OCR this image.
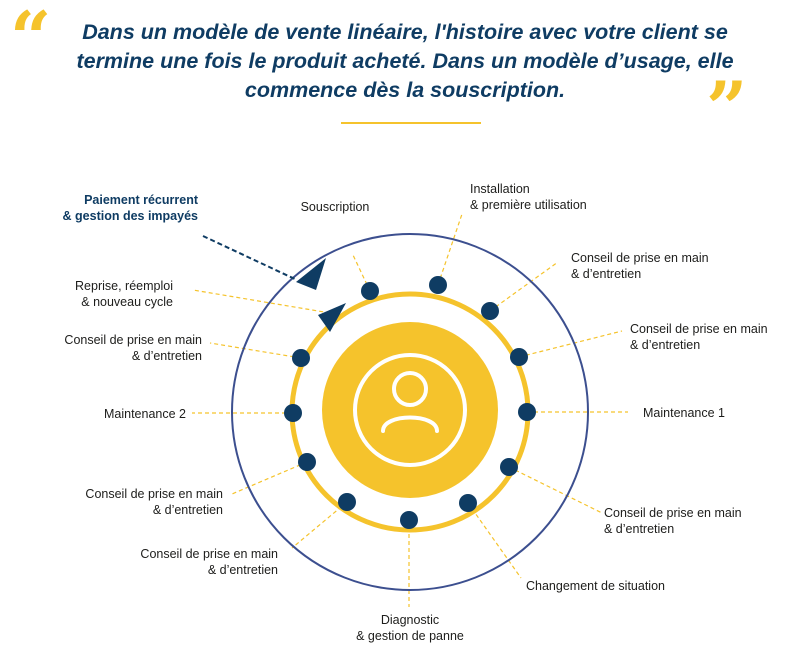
“
”

Dans un modèle de vente linéaire, l'histoire avec votre client se
termine une fois le produit acheté. Dans un modèle d’usage, elle
commence dès la souscription.

Paiement récurrent
& gestion des impayés
Souscription
Installation
& première utilisation
Conseil de prise en main
& d’entretien
Conseil de prise en main
& d’entretien
Maintenance 1
Conseil de prise en main
& d’entretien
Changement de situation
Diagnostic
& gestion de panne
Conseil de prise en main
& d’entretien
Conseil de prise en main
& d’entretien
Maintenance 2
Conseil de prise en main
& d’entretien
Reprise, réemploi
& nouveau cycle
